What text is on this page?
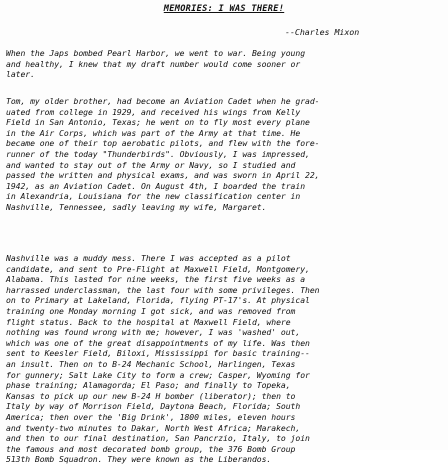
MEMORIES: I WAS THERE!
--Charles Mixon
When the Japs bombed Pearl Harbor, we went to war. Being young
and healthy, I knew that my draft number would come sooner or
later.
Tom, my older brother, had become an Aviation Cadet when he grad-
uated from college in 1929, and received his wings from Kelly
Field in San Antonio, Texas; he went on to fly most every plane
in the Air Corps, which was part of the Army at that time. He
became one of their top aerobatic pilots, and flew with the fore-
runner of the today "Thunderbirds". Obviously, I was impressed,
and wanted to stay out of the Army or Navy, so I studied and
passed the written and physical exams, and was sworn in April 22,
1942, as an Aviation Cadet. On August 4th, I boarded the train
in Alexandria, Louisiana for the new classification center in
Nashville, Tennessee, sadly leaving my wife, Margaret.
Nashville was a muddy mess. There I was accepted as a pilot
candidate, and sent to Pre-Flight at Maxwell Field, Montgomery,
Alabama. This lasted for nine weeks, the first five weeks as a
harrassed underclassman, the last four with some privileges. Then
on to Primary at Lakeland, Florida, flying PT-17's. At physical
training one Monday morning I got sick, and was removed from
flight status. Back to the hospital at Maxwell Field, where
nothing was found wrong with me; however, I was 'washed' out,
which was one of the great disappointments of my life. Was then
sent to Keesler Field, Biloxi, Mississippi for basic training--
an insult. Then on to B-24 Mechanic School, Harlingen, Texas
for gunnery; Salt Lake City to form a crew; Casper, Wyoming for
phase training; Alamagorda; El Paso; and finally to Topeka,
Kansas to pick up our new B-24 H bomber (liberator); then to
Italy by way of Morrison Field, Daytona Beach, Florida; South
America; then over the 'Big Drink', 1800 miles, eleven hours
and twenty-two minutes to Dakar, North West Africa; Marakech,
and then to our final destination, San Pancrzio, Italy, to join
the famous and most decorated bomb group, the 376 Bomb Group
513th Bomb Squadron. They were known as the Liberandos.
